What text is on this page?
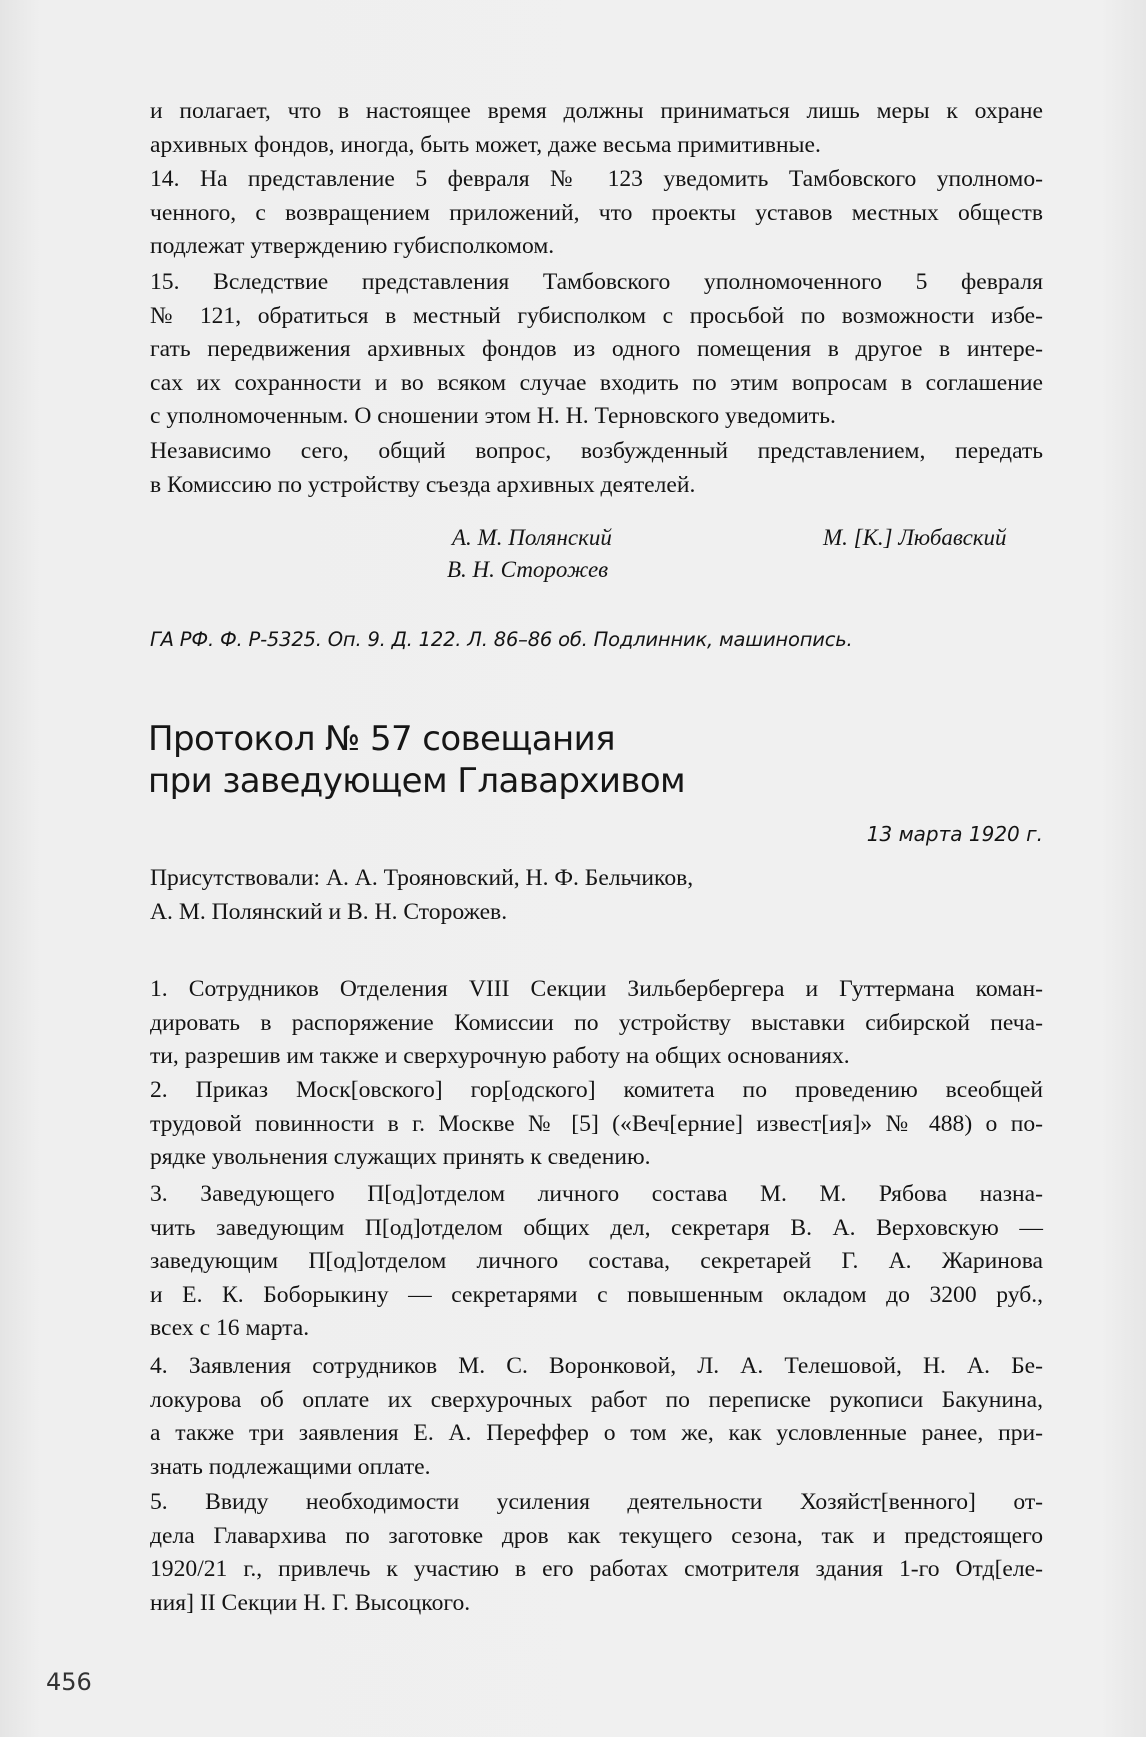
и полагает, что в настоящее время должны приниматься лишь меры к охране
архивных фондов, иногда, быть может, даже весьма примитивные.
14. На представление 5 февраля № 123 уведомить Тамбовского уполномо-
ченного, с возвращением приложений, что проекты уставов местных обществ
подлежат утверждению губисполкомом.
15. Вследствие представления Тамбовского уполномоченного 5 февраля
№ 121, обратиться в местный губисполком с просьбой по возможности избе-
гать передвижения архивных фондов из одного помещения в другое в интере-
сах их сохранности и во всяком случае входить по этим вопросам в соглашение
с уполномоченным. О сношении этом Н. Н. Терновского уведомить.
Независимо сего, общий вопрос, возбужденный представлением, передать
в Комиссию по устройству съезда архивных деятелей.
А. М. Полянский	М. [К.] Любавский
В. Н. Сторожев
ГА РФ. Ф. Р-5325. Оп. 9. Д. 122. Л. 86–86 об. Подлинник, машинопись.
Протокол № 57 совещания
при заведующем Главархивом
13 марта 1920 г.
Присутствовали: А. А. Трояновский, Н. Ф. Бельчиков,
А. М. Полянский и В. Н. Сторожев.
1. Сотрудников Отделения VIII Секции Зильбербергера и Гуттермана коман-
дировать в распоряжение Комиссии по устройству выставки сибирской печа-
ти, разрешив им также и сверхурочную работу на общих основаниях.
2. Приказ Моск[овского] гор[одского] комитета по проведению всеобщей
трудовой повинности в г. Москве № [5] («Веч[ерние] извест[ия]» № 488) о по-
рядке увольнения служащих принять к сведению.
3. Заведующего П[од]отделом личного состава М. М. Рябова назна-
чить заведующим П[од]отделом общих дел, секретаря В. А. Верховскую —
заведующим П[од]отделом личного состава, секретарей Г. А. Жаринова
и Е. К. Боборыкину — секретарями с повышенным окладом до 3200 руб.,
всех с 16 марта.
4. Заявления сотрудников М. С. Воронковой, Л. А. Телешовой, Н. А. Бе-
локурова об оплате их сверхурочных работ по переписке рукописи Бакунина,
а также три заявления Е. А. Переффер о том же, как условленные ранее, при-
знать подлежащими оплате.
5. Ввиду необходимости усиления деятельности Хозяйст[венного] от-
дела Главархива по заготовке дров как текущего сезона, так и предстоящего
1920/21 г., привлечь к участию в его работах смотрителя здания 1-го Отд[еле-
ния] II Секции Н. Г. Высоцкого.
456
